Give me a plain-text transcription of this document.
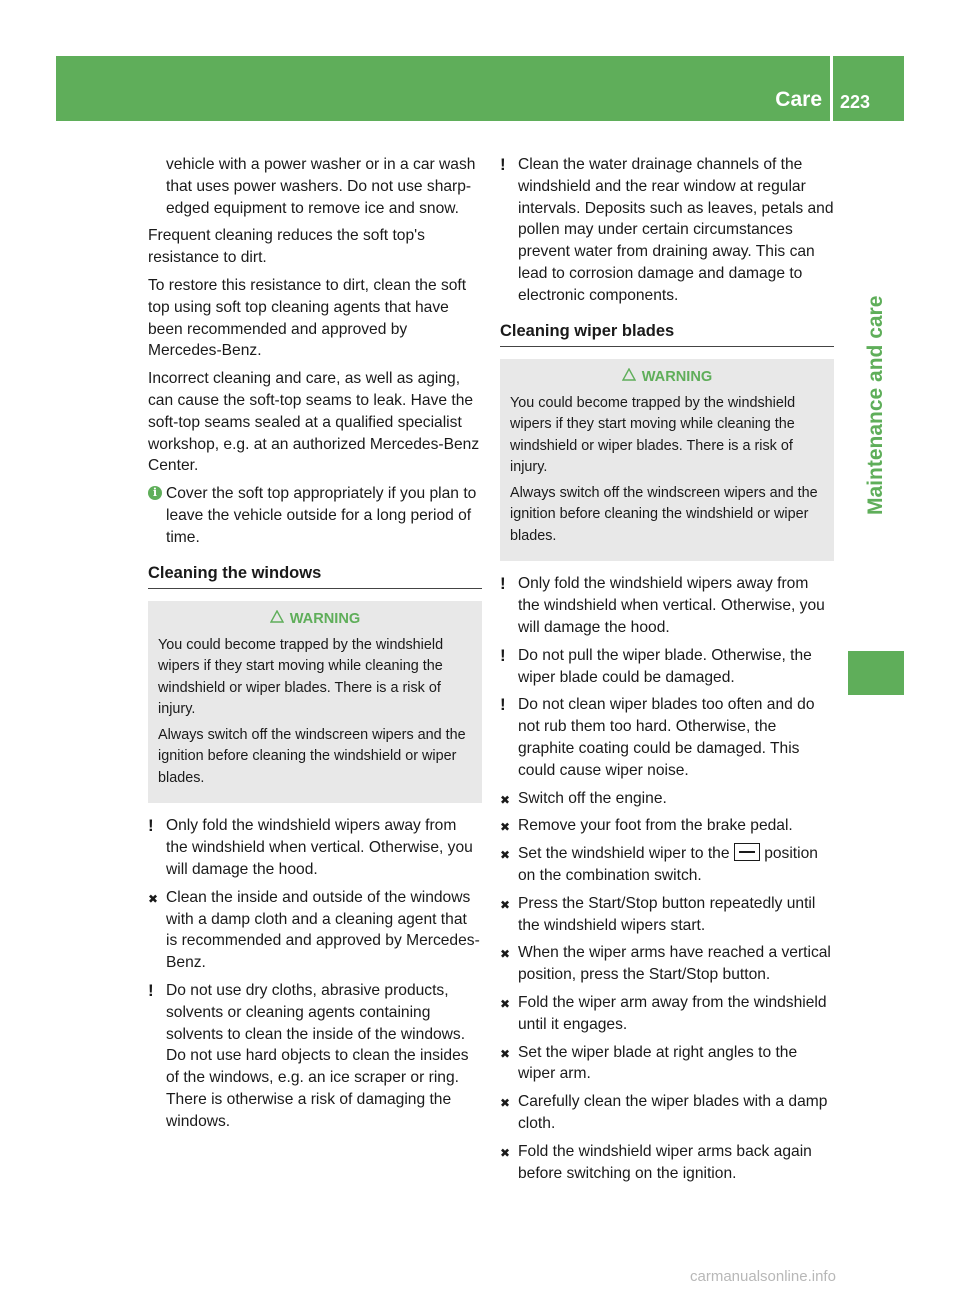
Care 223
Maintenance and care
vehicle with a power washer or in a car wash that uses power washers. Do not use sharp-edged equipment to remove ice and snow.
Frequent cleaning reduces the soft top's resistance to dirt.
To restore this resistance to dirt, clean the soft top using soft top cleaning agents that have been recommended and approved by Mercedes-Benz.
Incorrect cleaning and care, as well as aging, can cause the soft-top seams to leak. Have the soft-top seams sealed at a qualified specialist workshop, e.g. at an authorized Mercedes-Benz Center.
i Cover the soft top appropriately if you plan to leave the vehicle outside for a long period of time.
Cleaning the windows
WARNING
You could become trapped by the windshield wipers if they start moving while cleaning the windshield or wiper blades. There is a risk of injury.
Always switch off the windscreen wipers and the ignition before cleaning the windshield or wiper blades.
! Only fold the windshield wipers away from the windshield when vertical. Otherwise, you will damage the hood.
✖ Clean the inside and outside of the windows with a damp cloth and a cleaning agent that is recommended and approved by Mercedes-Benz.
! Do not use dry cloths, abrasive products, solvents or cleaning agents containing solvents to clean the inside of the windows. Do not use hard objects to clean the insides of the windows, e.g. an ice scraper or ring. There is otherwise a risk of damaging the windows.
! Clean the water drainage channels of the windshield and the rear window at regular intervals. Deposits such as leaves, petals and pollen may under certain circumstances prevent water from draining away. This can lead to corrosion damage and damage to electronic components.
Cleaning wiper blades
WARNING
You could become trapped by the windshield wipers if they start moving while cleaning the windshield or wiper blades. There is a risk of injury.
Always switch off the windscreen wipers and the ignition before cleaning the windshield or wiper blades.
! Only fold the windshield wipers away from the windshield when vertical. Otherwise, you will damage the hood.
! Do not pull the wiper blade. Otherwise, the wiper blade could be damaged.
! Do not clean wiper blades too often and do not rub them too hard. Otherwise, the graphite coating could be damaged. This could cause wiper noise.
✖ Switch off the engine.
✖ Remove your foot from the brake pedal.
✖ Set the windshield wiper to the position on the combination switch.
✖ Press the Start/Stop button repeatedly until the windshield wipers start.
✖ When the wiper arms have reached a vertical position, press the Start/Stop button.
✖ Fold the wiper arm away from the windshield until it engages.
✖ Set the wiper blade at right angles to the wiper arm.
✖ Carefully clean the wiper blades with a damp cloth.
✖ Fold the windshield wiper arms back again before switching on the ignition.
carmanualsonline.info
